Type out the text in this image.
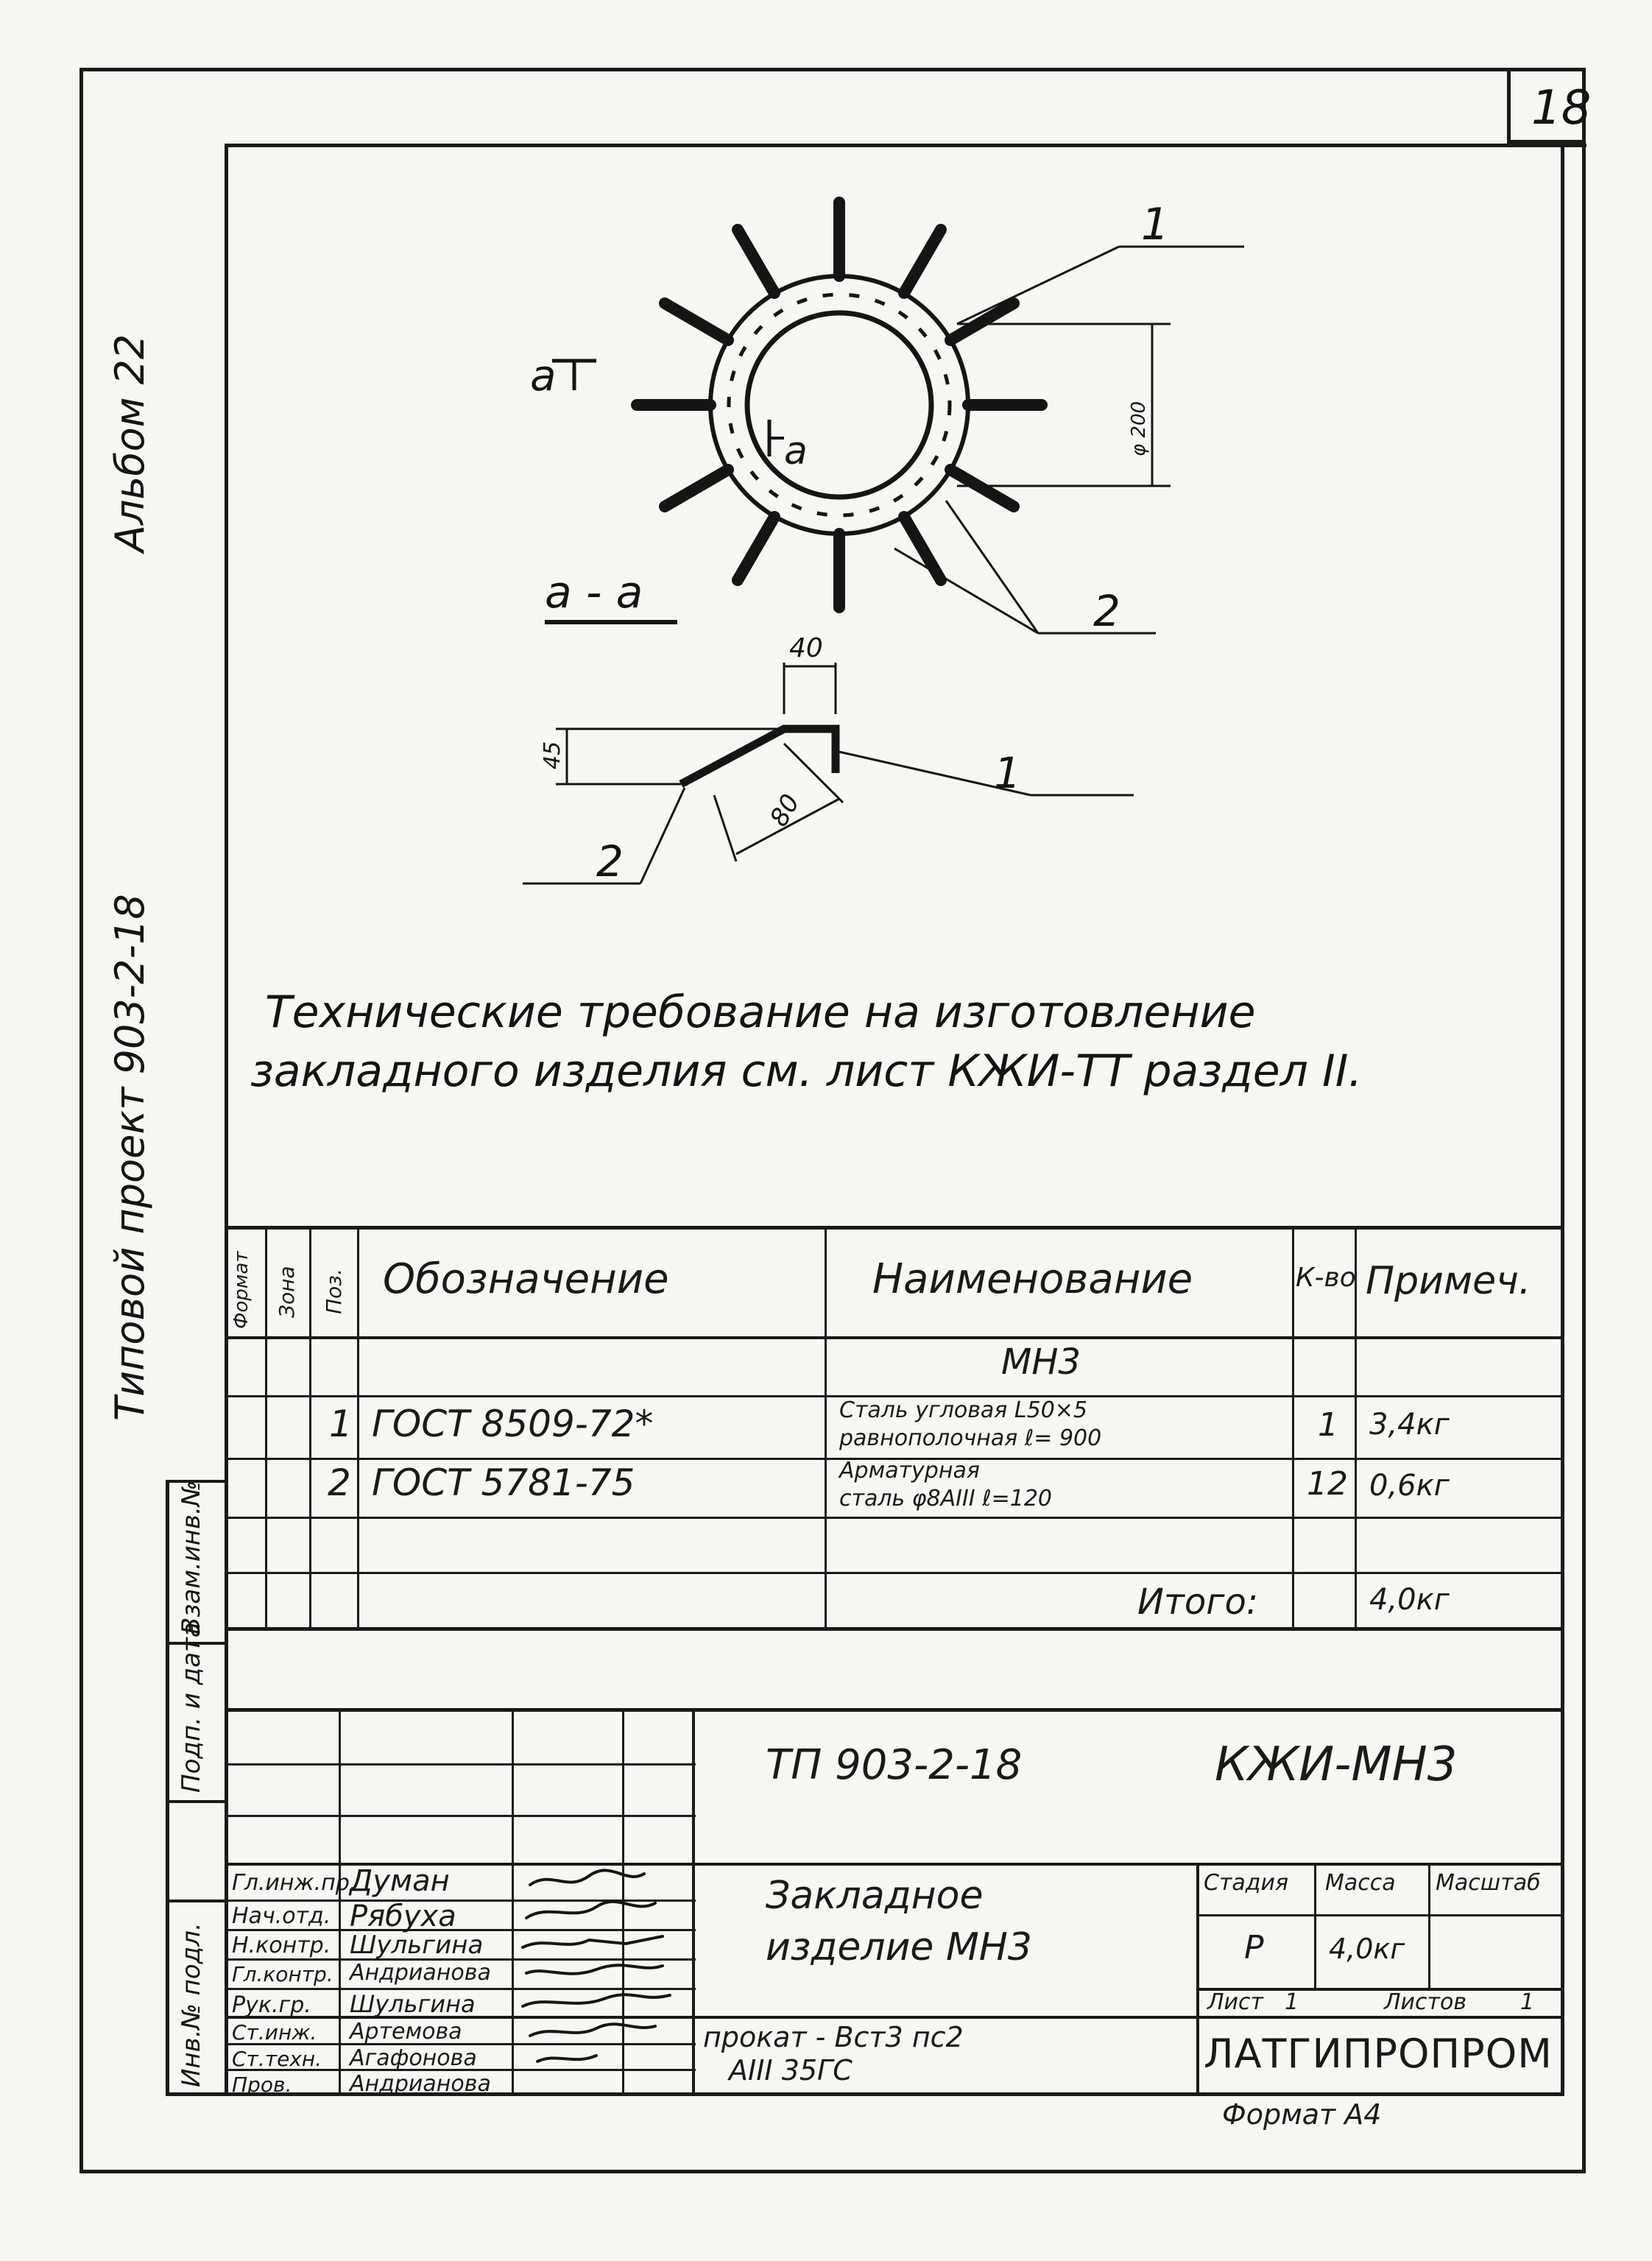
18
Альбом 22
Типовой проект 903-2-18
Взам.инв.№
Подп. и дата
Инв.№ подл.
a
a	φ 200
1
2
a - a
40
45
80
1
2
Технические требование на изготовление
закладного изделия см. лист КЖИ-ТТ раздел II.
Формат Зона Поз. Обозначение	Наименование	К-во Примеч.
МН3
1 ГОСТ 8509-72*	Сталь угловая L50×5
равнополочная ℓ= 900	1 3,4кг
2 ГОСТ 5781-75	Арматурная
сталь φ8АIII ℓ=120	12 0,6кг
Итого:	4,0кг
ТП 903-2-18	КЖИ-МН3
Закладное
изделие МН3
Стадия Масса Масштаб
Р 4,0кг
Лист 1	Листов 1
прокат - Вст3 пс2
АIII 35ГС	ЛАТГИПРОПРОМ
Формат А4
Гл.инж.пр.
Думан
Нач.отд. Рябуха
Н.контр. Шульгина
Гл.контр. Андрианова
Рук.гр. Шульгина
Ст.инж. Артемова
Ст.техн. Агафонова
Пров.	Андрианова
